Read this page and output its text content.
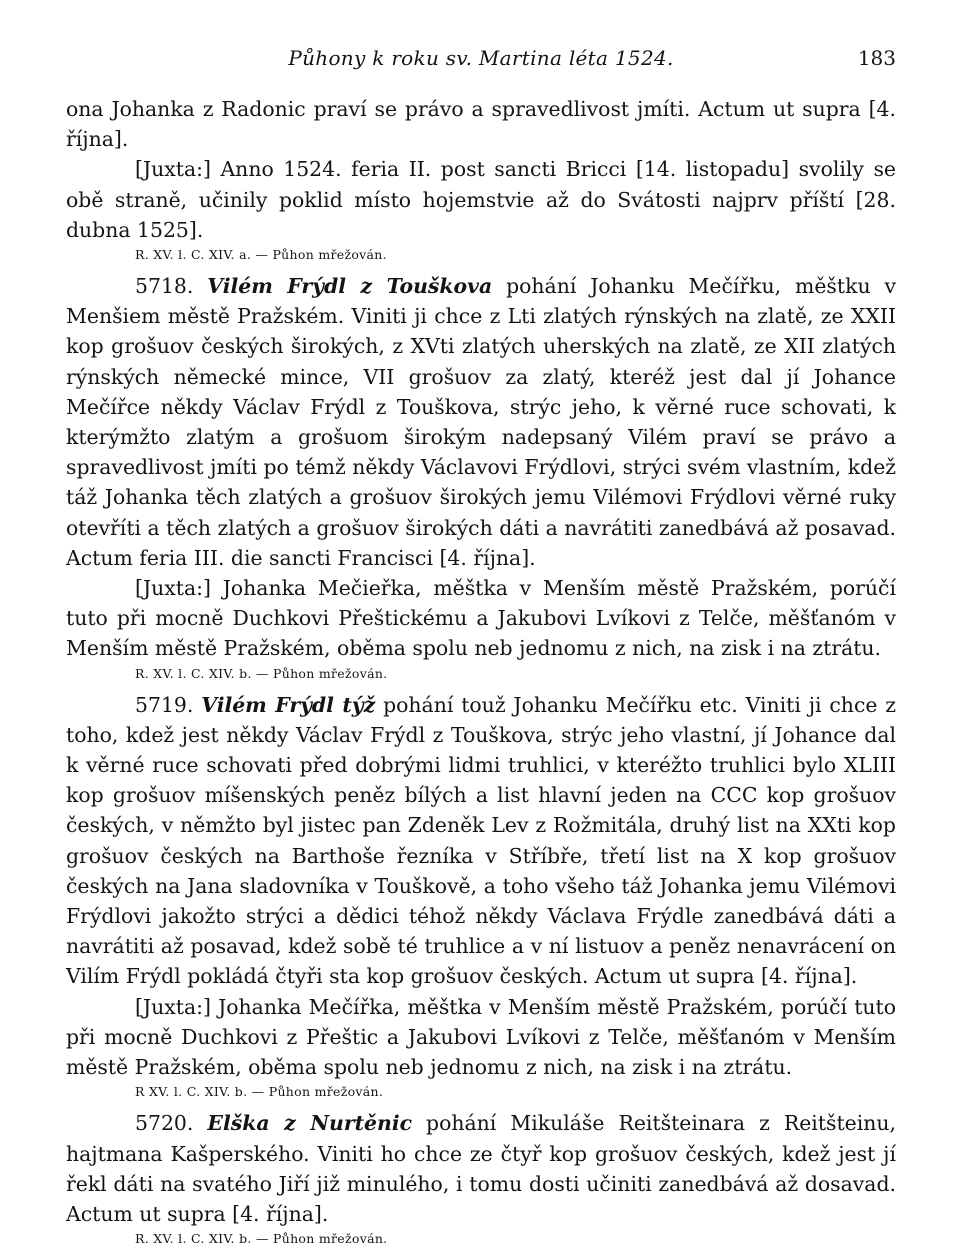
Půhony k roku sv. Martina léta 1524.	183

ona Johanka z Radonic praví se právo a spravedlivost jmíti. Actum ut supra [4. října].

[Juxta:] Anno 1524. feria II. post sancti Bricci [14. listopadu] svolily se obě straně, učinily poklid místo hojemstvie až do Svátosti najprv příští [28. dubna 1525].

R. XV. l. C. XIV. a. — Půhon mřežován.

5718. Vilém Frýdl z Touškova pohání Johanku Mečířku, měštku v Menšiem městě Pražském. Viniti ji chce z Lti zlatých rýnských na zlatě, ze XXII kop grošuov českých širokých, z XVti zlatých uherských na zlatě, ze XII zlatých rýnských německé mince, VII grošuov za zlatý, kteréž jest dal jí Johance Mečířce někdy Václav Frýdl z Touškova, strýc jeho, k věrné ruce schovati, k kterýmžto zlatým a grošuom širokým nadepsaný Vilém praví se právo a spravedlivost jmíti po témž někdy Václavovi Frýdlovi, strýci svém vlastním, kdež táž Johanka těch zlatých a grošuov širokých jemu Vilémovi Frýdlovi věrné ruky otevříti a těch zlatých a grošuov širokých dáti a navrátiti zanedbává až posavad. Actum feria III. die sancti Francisci [4. října].

[Juxta:] Johanka Mečieřka, měštka v Menším městě Pražském, porúčí tuto při mocně Duchkovi Přeštickému a Jakubovi Lvíkovi z Telče, měšťanóm v Menším městě Pražském, oběma spolu neb jednomu z nich, na zisk i na ztrátu.

R. XV. l. C. XIV. b. — Půhon mřežován.

5719. Vilém Frýdl týž pohání touž Johanku Mečířku etc. Viniti ji chce z toho, kdež jest někdy Václav Frýdl z Touškova, strýc jeho vlastní, jí Johance dal k věrné ruce schovati před dobrými lidmi truhlici, v kteréžto truhlici bylo XLIII kop grošuov míšenských peněz bílých a list hlavní jeden na CCC kop grošuov českých, v němžto byl jistec pan Zdeněk Lev z Rožmitála, druhý list na XXti kop grošuov českých na Barthoše řezníka v Stříbře, třetí list na X kop grošuov českých na Jana sladovníka v Touškově, a toho všeho táž Johanka jemu Vilémovi Frýdlovi jakožto strýci a dědici téhož někdy Václava Frýdle zanedbává dáti a navrátiti až posavad, kdež sobě té truhlice a v ní listuov a peněz nenavrácení on Vilím Frýdl pokládá čtyři sta kop grošuov českých. Actum ut supra [4. října].

[Juxta:] Johanka Mečířka, měštka v Menším městě Pražském, porúčí tuto při mocně Duchkovi z Přeštic a Jakubovi Lvíkovi z Telče, měšťanóm v Menším městě Pražském, oběma spolu neb jednomu z nich, na zisk i na ztrátu.

R XV. l. C. XIV. b. — Půhon mřežován.

5720. Elška z Nurtěnic pohání Mikuláše Reitšteinara z Reitšteinu, hajtmana Kašperského. Viniti ho chce ze čtyř kop grošuov českých, kdež jest jí řekl dáti na svatého Jiří již minulého, i tomu dosti učiniti zanedbává až dosavad. Actum ut supra [4. října].

R. XV. l. C. XIV. b. — Půhon mřežován.
